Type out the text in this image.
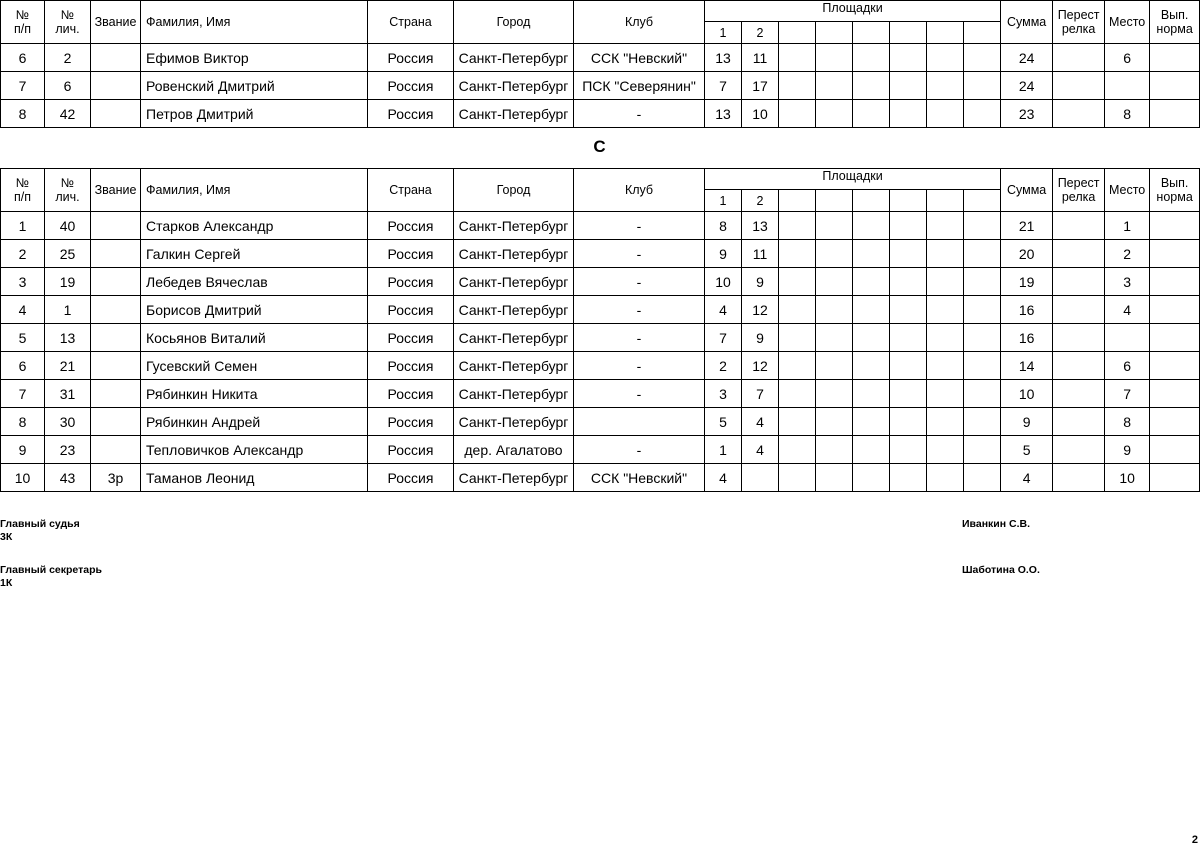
№
п/п	№
лич.	Звание	Фамилия, Имя	Страна	Город	Клуб	Площадки								Сумма	Перест
релка	Место	Вып.
норма
							1	2										
6	2		Ефимов Виктор	Россия	Санкт-Петербург	ССК "Невский"	13	11							24		6	
7	6		Ровенский Дмитрий	Россия	Санкт-Петербург	ПСК "Северянин"	7	17							24			
8	42		Петров Дмитрий	Россия	Санкт-Петербург	-	13	10							23		8	
С
№
п/п	№
лич.	Звание	Фамилия, Имя	Страна	Город	Клуб	Площадки								Сумма	Перест
релка	Место	Вып.
норма
							1	2										
1	40		Старков Александр	Россия	Санкт-Петербург	-	8	13							21		1	
2	25		Галкин Сергей	Россия	Санкт-Петербург	-	9	11							20		2	
3	19		Лебедев Вячеслав	Россия	Санкт-Петербург	-	10	9							19		3	
4	1		Борисов Дмитрий	Россия	Санкт-Петербург	-	4	12							16		4	
5	13		Косьянов Виталий	Россия	Санкт-Петербург	-	7	9							16			
6	21		Гусевский Семен	Россия	Санкт-Петербург	-	2	12							14		6	
7	31		Рябинкин Никита	Россия	Санкт-Петербург	-	3	7							10		7	
8	30		Рябинкин Андрей	Россия	Санкт-Петербург		5	4							9		8	
9	23		Тепловичков Александр	Россия	дер. Агалатово	-	1	4							5		9	
10	43	3р	Таманов Леонид	Россия	Санкт-Петербург	ССК "Невский"	4								4		10	
Главный судья
3К
Иванкин С.В.
Главный секретарь
1К
Шаботина О.О.
2
